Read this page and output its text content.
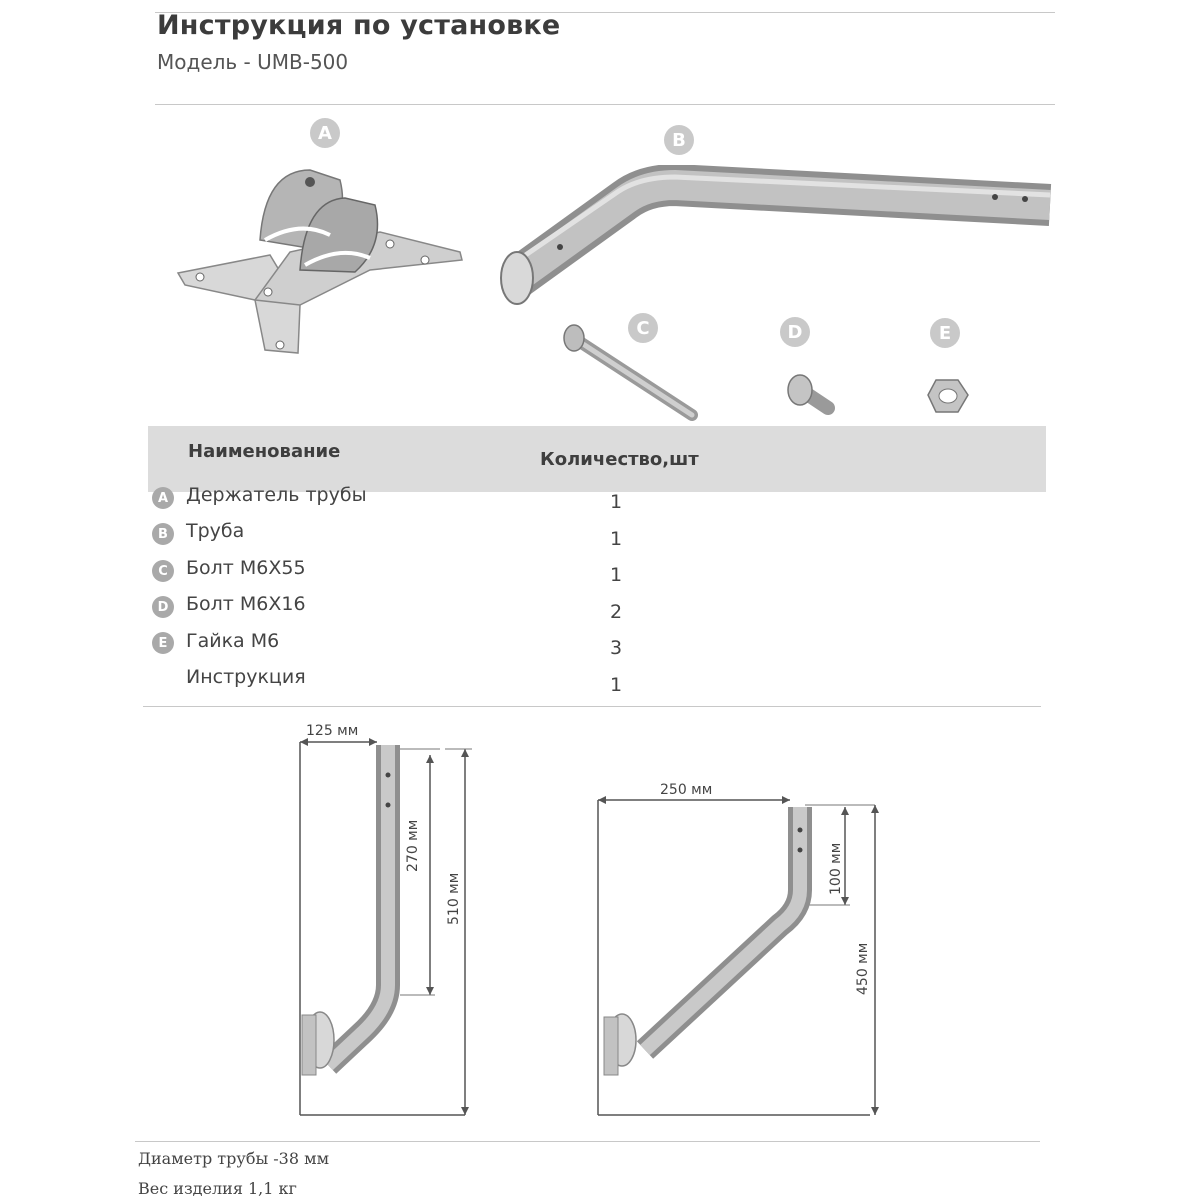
Инструкция по установке
Модель - UMB-500
A	B
C	D	E
Наименование	Количество,шт
A Держатель трубы	1
B Труба	1
C Болт М6Х55	1
D Болт М6Х16	2
E Гайка М6	3
Инструкция	1
125 мм
270 мм
510 мм
250 мм
100 мм
450 мм
Диаметр трубы -38 мм
Вес изделия 1,1 кг
